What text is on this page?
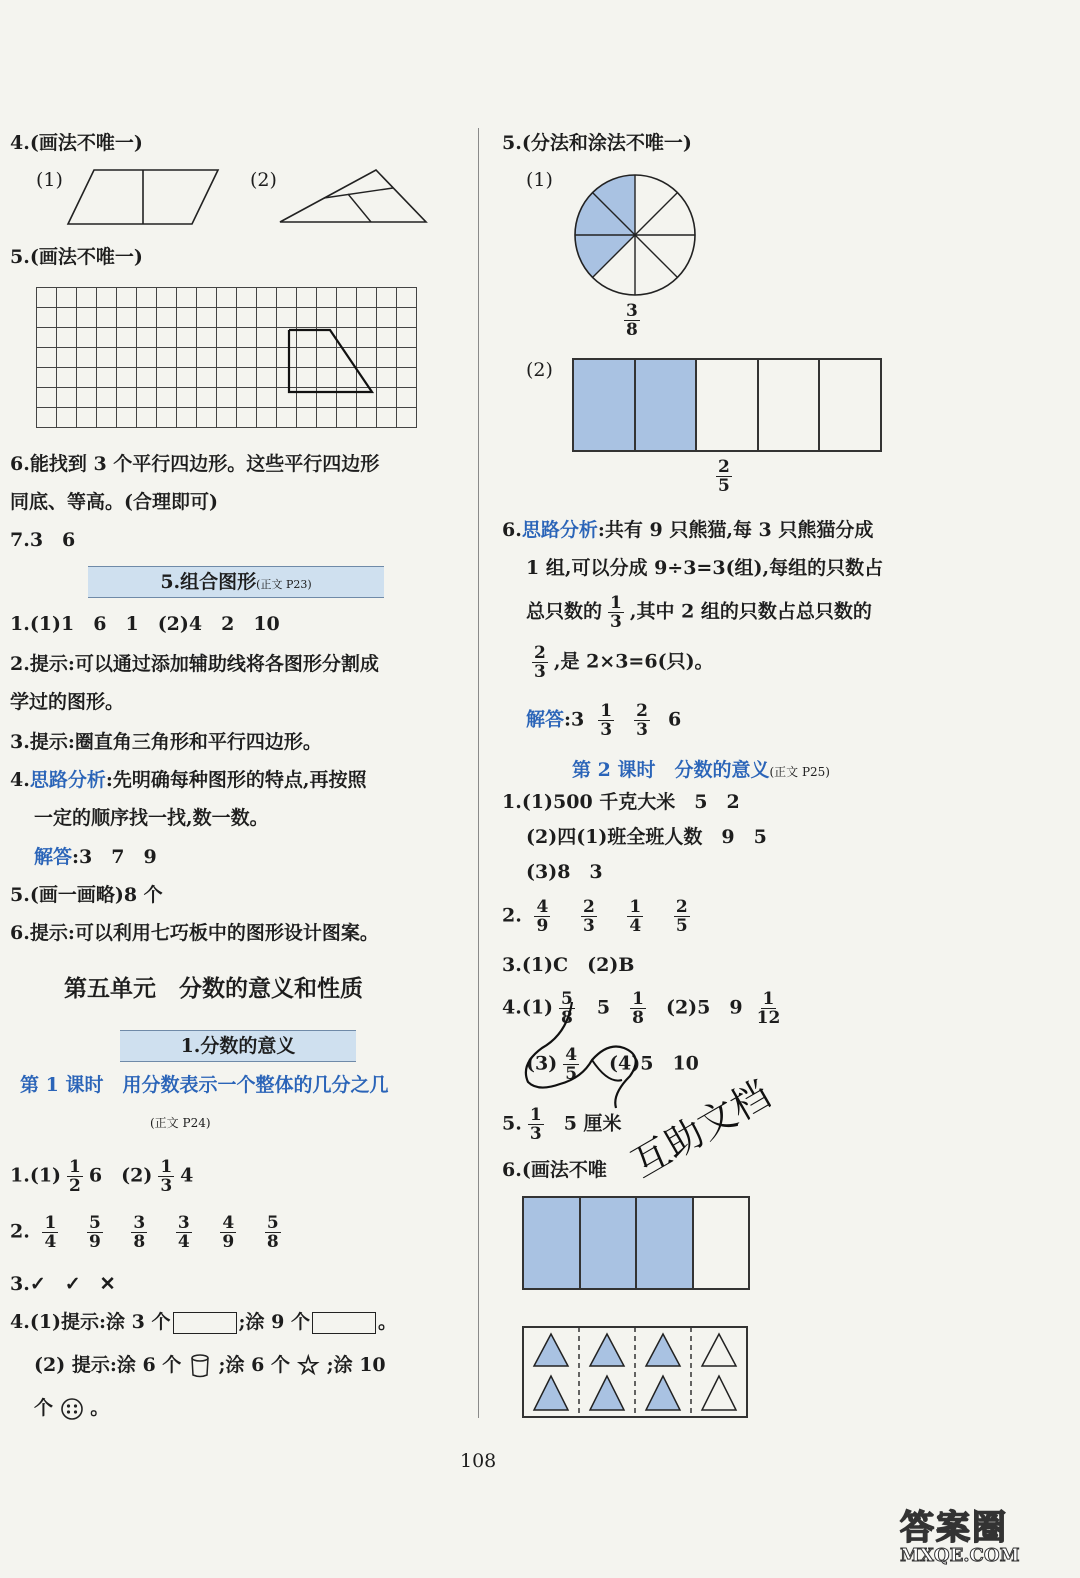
4.(画法不唯一)
(1)	(2)
5.(画法不唯一)

6.能找到 3 个平行四边形。这些平行四边形
同底、等高。(合理即可)
7.3　6
5.组合图形(正文 P23)
1.(1)1　6　1　(2)4　2　10
2.提示:可以通过添加辅助线将各图形分割成
学过的图形。
3.提示:圈直角三角形和平行四边形。
4.思路分析:先明确每种图形的特点,再按照
一定的顺序找一找,数一数。
解答:3　7　9
5.(画一画略)8 个
6.提示:可以利用七巧板中的图形设计图案。
第五单元　分数的意义和性质
1.分数的意义
第 1 课时　用分数表示一个整体的几分之几
(正文 P24)
$1.(1) \frac{1}{2} 6$　$(2) \frac{1}{3} 4$
2. $\frac{1}{4}$
$\frac{5}{9}$
$\frac{3}{8}$
$\frac{3}{4}$
$\frac{4}{9}$
$\frac{5}{8}$
3.✓　✓　✕
4.(1)提示:涂 3 个	;涂 9 个	。
(2) 提示:涂 6 个 ;涂 6 个 ☆ ;涂 10
个 。
5.(分法和涂法不唯一)
(1)
$\frac{3}{8}$
(2)
$\frac{2}{5}$
6.思路分析:共有 9 只熊猫,每 3 只熊猫分成
1 组,可以分成 9÷3=3(组),每组的只数占
总只数的 $\frac{1}{3}$ ,其中 2 组的只数占总只数的
$\frac{2}{3}$ ,是 2×3=6(只)。
解答:3 $\frac{1}{3} \frac{2}{3} 6$
第 2 课时　分数的意义(正文 P25)
1.(1)500 千克大米　5　2
(2)四(1)班全班人数　9　5
(3)8　3
2. $\frac{4}{9}$
$\frac{2}{3}$
$\frac{1}{4}$
$\frac{2}{5}$
3.(1)C　(2)B
$4.(1) \frac{5}{8} 5 \frac{1}{8} (2)5$　$9 \frac{1}{12}$
$(3) \frac{4}{5} (4)5$　10
5. $\frac{1}{3} 5$ 厘米
6.(画法不唯 互助文档
108
答案圈
MXQE.COM
